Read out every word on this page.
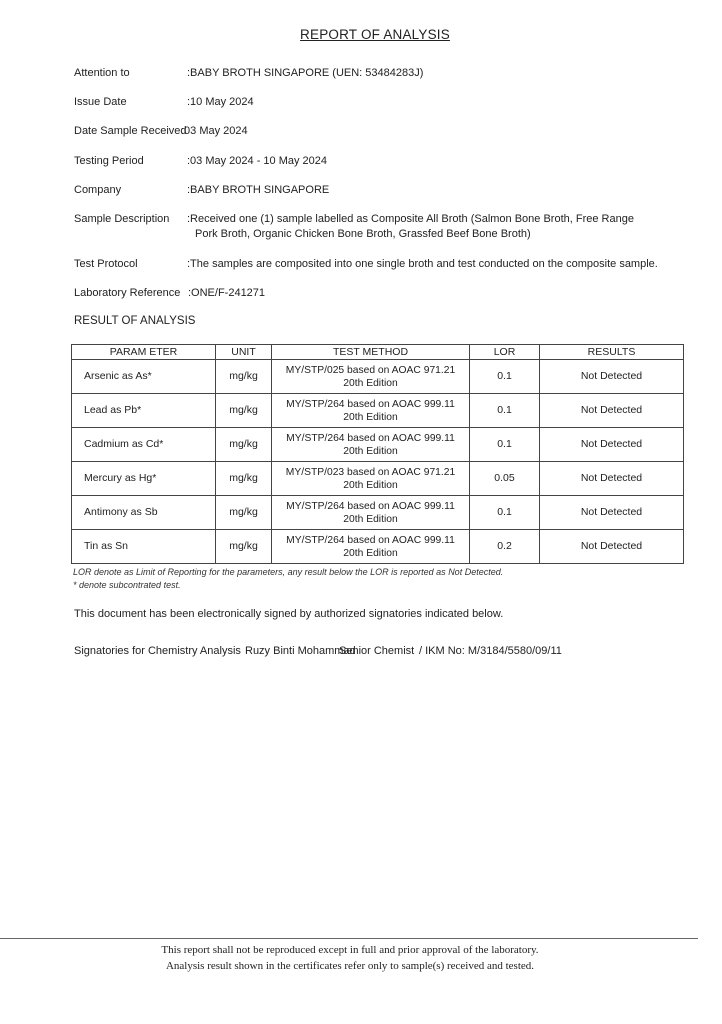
REPORT OF ANALYSIS
Attention to	:BABY BROTH SINGAPORE (UEN: 53484283J)
Issue Date	:10 May 2024
Date Sample Received
:03 May 2024
Testing Period	:03 May 2024 - 10 May 2024
Company	:BABY BROTH SINGAPORE
Sample Description :Received one (1) sample labelled as Composite All Broth (Salmon Bone Broth, Free Range
Pork Broth, Organic Chicken Bone Broth, Grassfed Beef Bone Broth)
Test Protocol	:The samples are composited into one single broth and test conducted on the composite sample.
Laboratory Reference :ONE/F-241271
RESULT OF ANALYSIS
PARAM ETER	UNIT	TEST METHOD	LOR	RESULTS
Arsenic as As*	mg/kg	MY/STP/025 based on AOAC 971.21
20th Edition	0.1	Not Detected
Lead as Pb*	mg/kg	MY/STP/264 based on AOAC 999.11
20th Edition	0.1	Not Detected
Cadmium as Cd*	mg/kg	MY/STP/264 based on AOAC 999.11
20th Edition	0.1	Not Detected
Mercury as Hg*	mg/kg	MY/STP/023 based on AOAC 971.21
20th Edition	0.05	Not Detected
Antimony as Sb	mg/kg	MY/STP/264 based on AOAC 999.11
20th Edition	0.1	Not Detected
Tin as Sn	mg/kg	MY/STP/264 based on AOAC 999.11
20th Edition	0.2	Not Detected
LOR denote as Limit of Reporting for the parameters, any result below the LOR is reported as Not Detected.
* denote subcontrated test.
This document has been electronically signed by authorized signatories indicated below.
Signatories for Chemistry Analysis Ruzy Binti Mohammad
Senior Chemist / IKM No: M/3184/5580/09/11
This report shall not be reproduced except in full and prior approval of the laboratory.
Analysis result shown in the certificates refer only to sample(s) received and tested.
